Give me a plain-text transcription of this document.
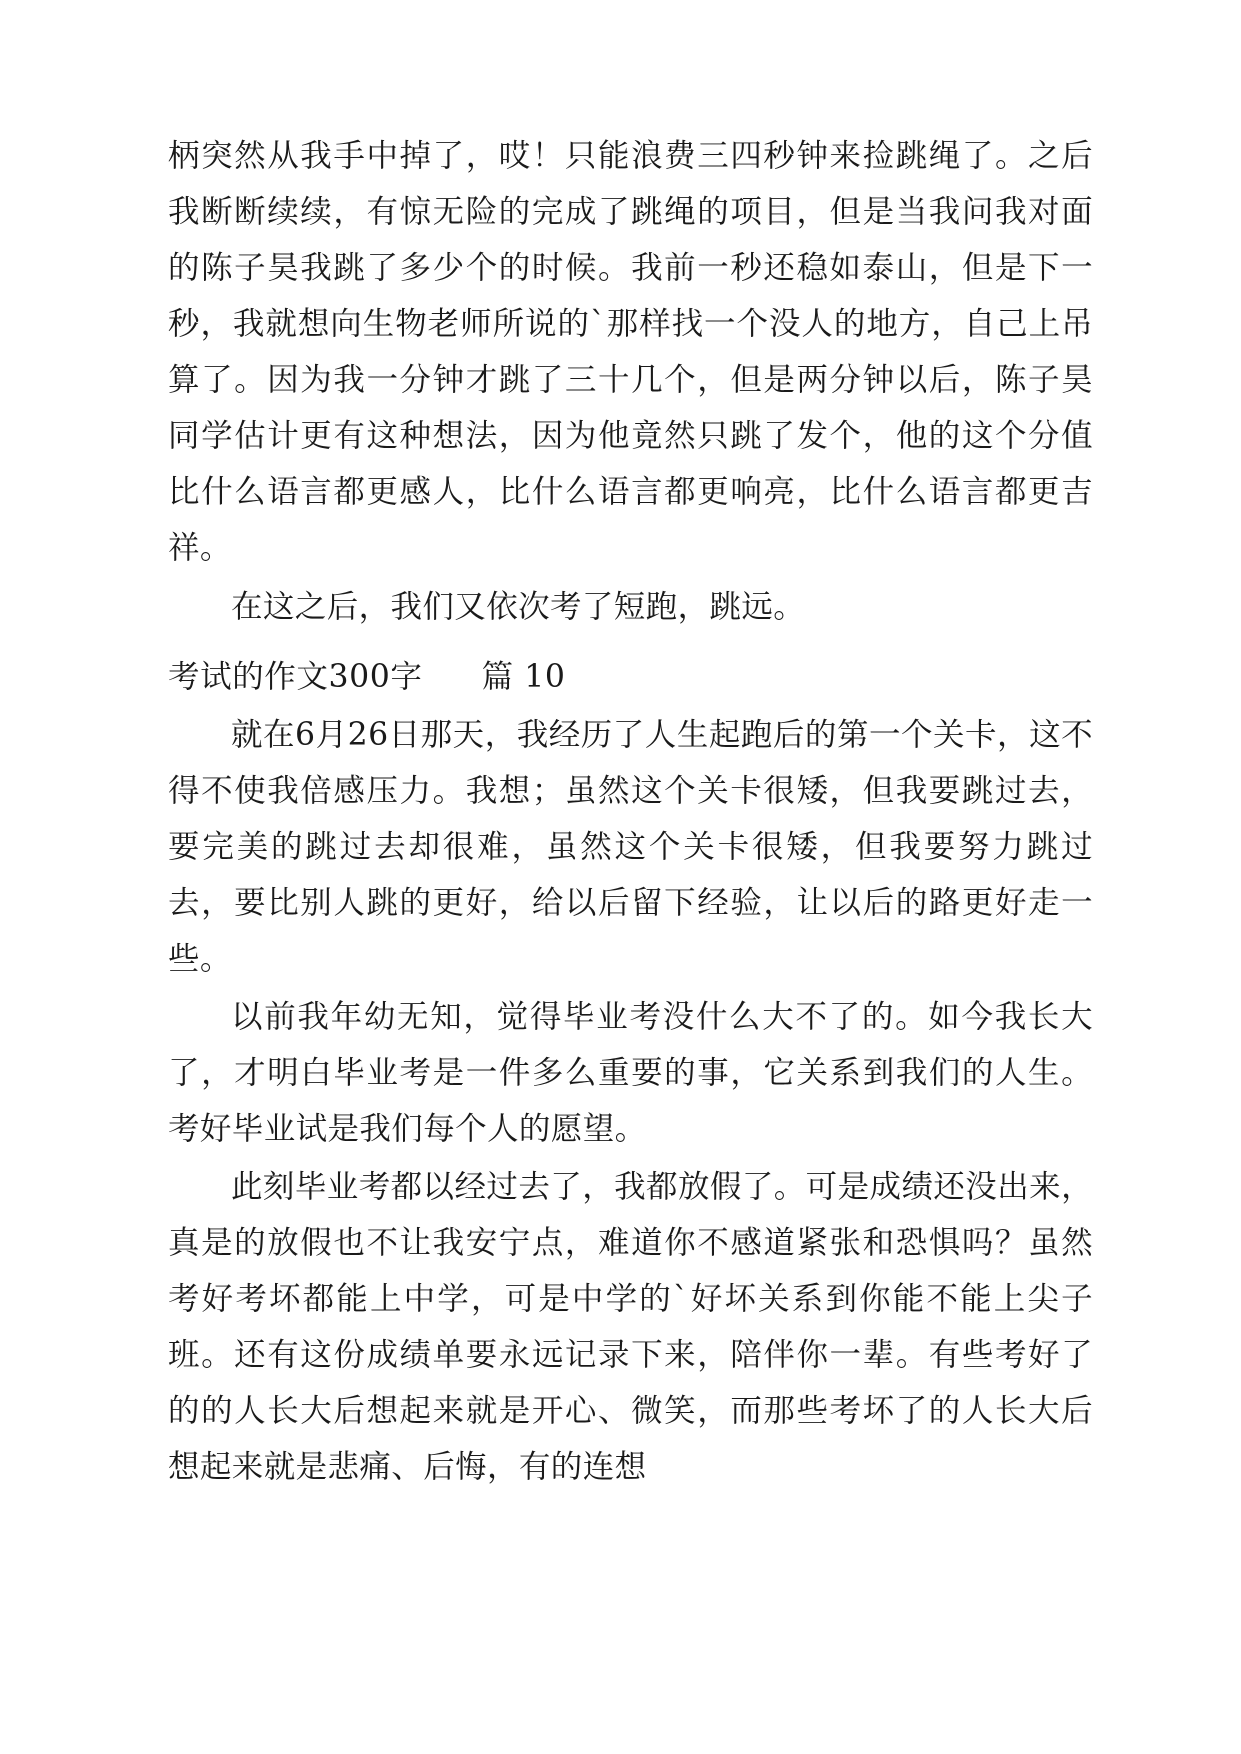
柄突然从我手中掉了，哎！只能浪费三四秒钟来捡跳绳了。之后我断断续续，有惊无险的完成了跳绳的项目，但是当我问我对面的陈子昊我跳了多少个的时候。我前一秒还稳如泰山，但是下一秒，我就想向生物老师所说的`那样找一个没人的地方，自己上吊算了。因为我一分钟才跳了三十几个，但是两分钟以后，陈子昊同学估计更有这种想法，因为他竟然只跳了发个，他的这个分值比什么语言都更感人，比什么语言都更响亮，比什么语言都更吉祥。

在这之后，我们又依次考了短跑，跳远。

考试的作文300字 篇 10

就在6月26日那天，我经历了人生起跑后的第一个关卡，这不得不使我倍感压力。我想；虽然这个关卡很矮，但我要跳过去，要完美的跳过去却很难，虽然这个关卡很矮，但我要努力跳过去，要比别人跳的更好，给以后留下经验，让以后的路更好走一些。

以前我年幼无知，觉得毕业考没什么大不了的。如今我长大了，才明白毕业考是一件多么重要的事，它关系到我们的人生。考好毕业试是我们每个人的愿望。

此刻毕业考都以经过去了，我都放假了。可是成绩还没出来，真是的放假也不让我安宁点，难道你不感道紧张和恐惧吗？虽然考好考坏都能上中学，可是中学的`好坏关系到你能不能上尖子班。还有这份成绩单要永远记录下来，陪伴你一辈。有些考好了的的人长大后想起来就是开心、微笑，而那些考坏了的人长大后想起来就是悲痛、后悔，有的连想
